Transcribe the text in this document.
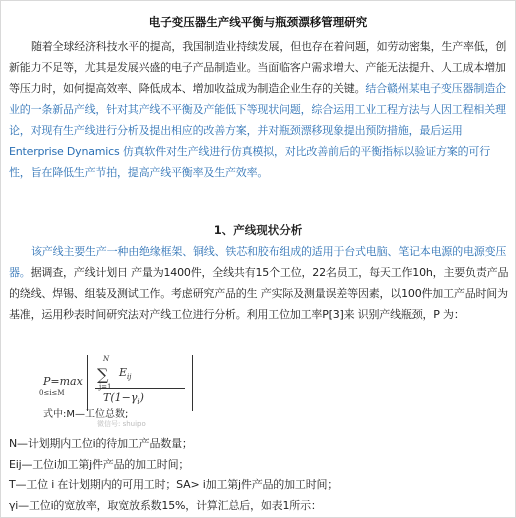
电子变压器生产线平衡与瓶颈漂移管理研究

随着全球经济科技水平的提高，我国制造业持续发展，但也存在着问题，如劳动密集，生产率低，创新能力不足等，尤其是发展兴盛的电子产品制造业。当面临客户需求增大、产能无法提升、人工成本增加等压力时，如何提高效率、降低成本、增加收益成为制造企业生存的关键。结合赣州某电子变压器制造企业的一条新品产线，针对其产线不平衡及产能低下等现状问题，综合运用工业工程方法与人因工程相关理论，对现有生产线进行分析及提出相应的改善方案，并对瓶颈漂移现象提出预防措施，最后运用Enterprise Dynamics 仿真软件对生产线进行仿真模拟，对比改善前后的平衡指标以验证方案的可行性，旨在降低生产节拍，提高产线平衡率及生产效率。

1、产线现状分析

该产线主要生产一种由绝缘框架、铜线、铁芯和胶布组成的适用于台式电脑、笔记本电源的电源变压器。据调查，产线计划日 产量为1400件，全线共有15个工位，22名员工，每天工作10h，主要负责产品的绕线、焊锡、组装及测试工作。考虑研究产品的生 产实际及测量误差等因素，以100件加工产品时间为基准，运用秒表时间研究法对产线工位进行分析。利用工位加工率P[3]来 识别产线瓶颈，P 为：

P=max
0≤i≤M
N
∑
j=1
$E_{ij}$
$T(1-\gamma_i)$
式中:M—工位总数;
微信号: shuipo

N—计划期内工位i的待加工产品数量；

Eij—工位i加工第j件产品的加工时间；

T—工位 i 在计划期内的可用工时；SA> i加工第j件产品的加工时间；

γi—工位i的宽放率，取宽放系数15%，计算汇总后，如表1所示：
